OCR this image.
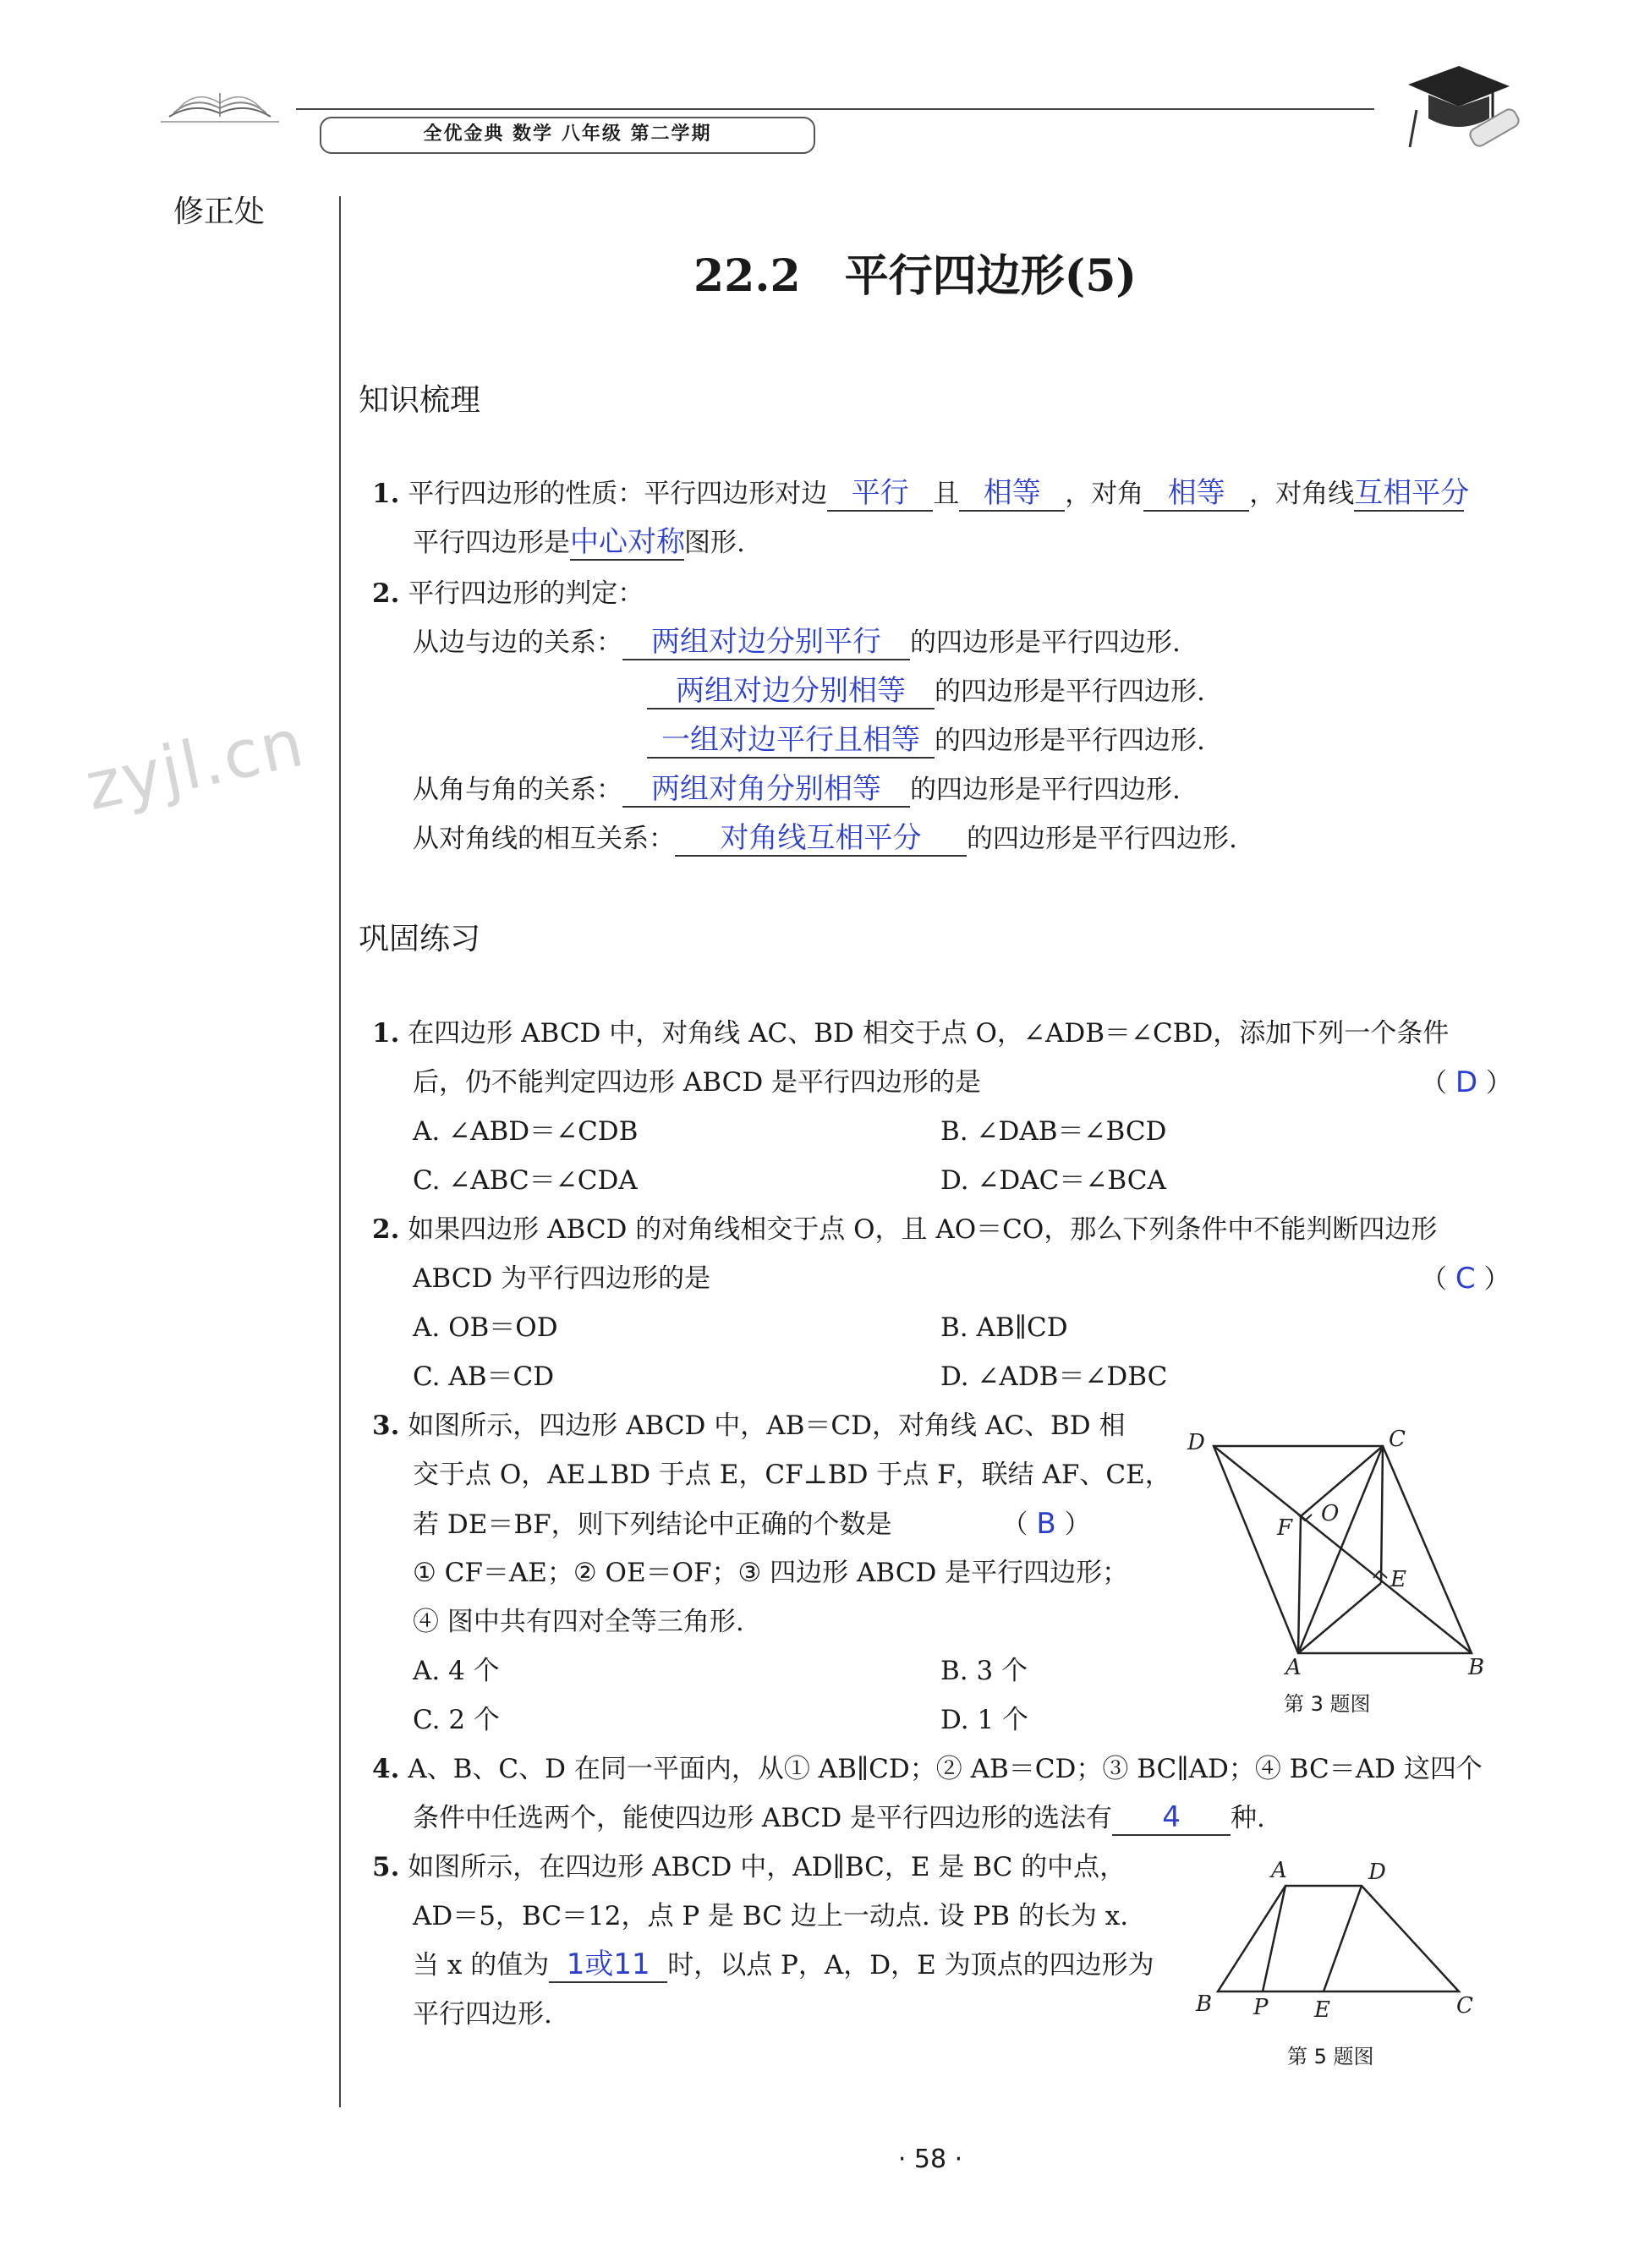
全优金典 数学 八年级 第二学期
修正处
zyjl.cn
22.2　平行四边形(5)
知识梳理
1. 平行四边形的性质：平行四边形对边 平行 且 相等 ，对角 相等 ，对角线互相平分
平行四边形是中心对称图形.
2. 平行四边形的判定：
从边与边的关系： 两组对边分别平行 的四边形是平行四边形.
两组对边分别相等 的四边形是平行四边形.
一组对边平行且相等 的四边形是平行四边形.
从角与角的关系： 两组对角分别相等 的四边形是平行四边形.
从对角线的相互关系： 对角线互相平分 的四边形是平行四边形.
巩固练习
1. 在四边形 ABCD 中，对角线 AC、BD 相交于点 O，∠ADB＝∠CBD，添加下列一个条件
后，仍不能判定四边形 ABCD 是平行四边形的是	（ D ）
A. ∠ABD＝∠CDB	B. ∠DAB＝∠BCD
C. ∠ABC＝∠CDA	D. ∠DAC＝∠BCA
2. 如果四边形 ABCD 的对角线相交于点 O，且 AO＝CO，那么下列条件中不能判断四边形
ABCD 为平行四边形的是	（ C ）
A. OB＝OD	B. AB∥CD
C. AB＝CD	D. ∠ADB＝∠DBC
3. 如图所示，四边形 ABCD 中，AB＝CD，对角线 AC、BD 相
交于点 O，AE⊥BD 于点 E，CF⊥BD 于点 F，联结 AF、CE，
若 DE＝BF，则下列结论中正确的个数是	（ B ）
① CF＝AE；② OE＝OF；③ 四边形 ABCD 是平行四边形；
④ 图中共有四对全等三角形.
A. 4 个	B. 3 个
C. 2 个	D. 1 个
D	C
A	B
E
F
O
第 3 题图
4. A、B、C、D 在同一平面内，从① AB∥CD；② AB＝CD；③ BC∥AD；④ BC＝AD 这四个
条件中任选两个，能使四边形 ABCD 是平行四边形的选法有 4 种.
5. 如图所示，在四边形 ABCD 中，AD∥BC，E 是 BC 的中点，
AD＝5，BC＝12，点 P 是 BC 边上一动点. 设 PB 的长为 x.
当 x 的值为 1或11 时，以点 P，A，D，E 为顶点的四边形为
平行四边形.
A	D
B P E	C
第 5 题图
· 58 ·
